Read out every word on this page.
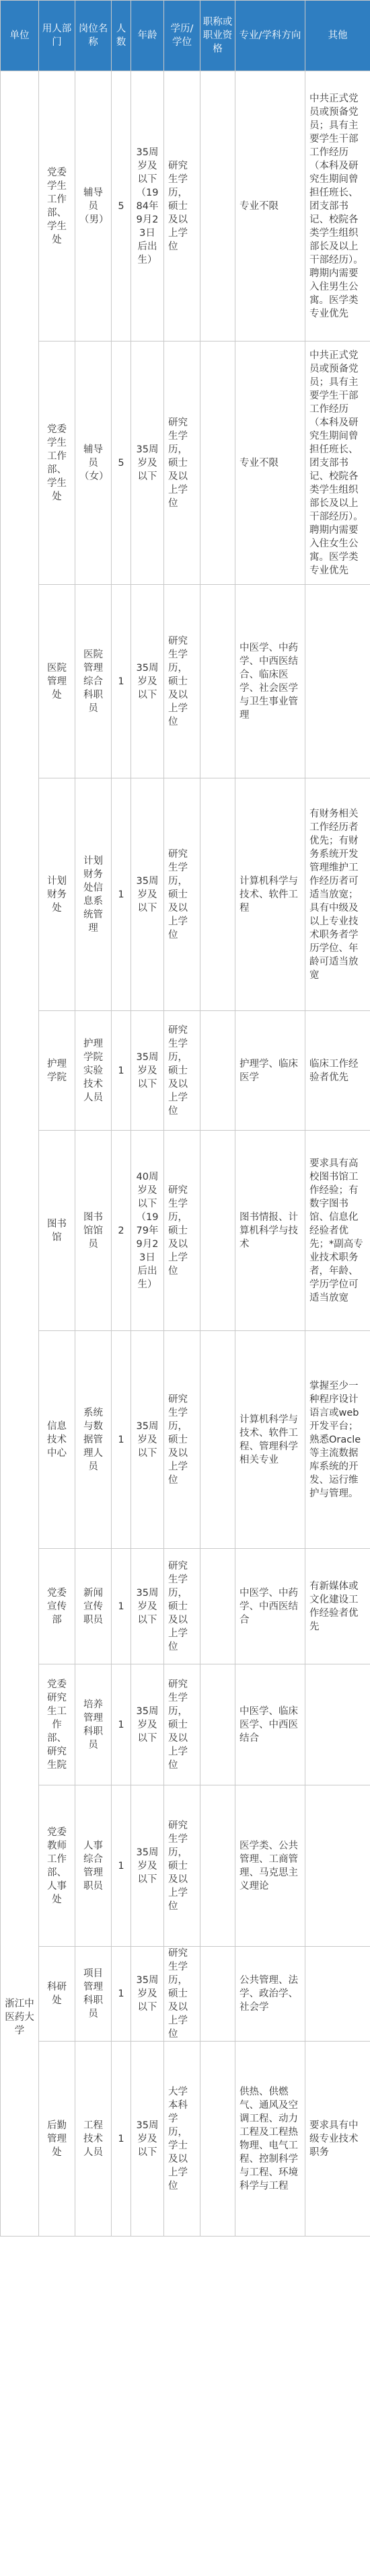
单位	用人部门	岗位名称	人数	年龄	学历/学位	职称或职业资格	专业/学科方向	其他
浙江中医药大学	党委学生工作部、学生处	辅导员（男）	5	35周岁及以下（1984年9月23日后出生）	研究生学历，硕士及以上学位		专业不限	中共正式党员或预备党员；具有主要学生干部工作经历（本科及研究生期间曾担任班长、团支部书记、校院各类学生组织部长及以上干部经历）。聘期内需要入住男生公寓。医学类专业优先
	党委学生工作部、学生处	辅导员（女）	5	35周岁及以下	研究生学历，硕士及以上学位		专业不限	中共正式党员或预备党员；具有主要学生干部工作经历（本科及研究生期间曾担任班长、团支部书记、校院各类学生组织部长及以上干部经历）。聘期内需要入住女生公寓。医学类专业优先
	医院管理处	医院管理综合科职员	1	35周岁及以下	研究生学历，硕士及以上学位		中医学、中药学、中西医结合、临床医学、社会医学与卫生事业管理	
	计划财务处	计划财务处信息系统管理	1	35周岁及以下	研究生学历，硕士及以上学位		计算机科学与技术、软件工程	有财务相关工作经历者优先；有财务系统开发管理维护工作经历者可适当放宽；具有中级及以上专业技术职务者学历学位、年龄可适当放宽
	护理学院	护理学院实验技术人员	1	35周岁及以下	研究生学历，硕士及以上学位		护理学、临床医学	临床工作经验者优先
	图书馆	图书馆馆员	2	40周岁及以下（1979年9月23日后出生）	研究生学历，硕士及以上学位		图书情报、计算机科学与技术	要求具有高校图书馆工作经验；有数字图书馆、信息化经验者优先；*副高专业技术职务者，年龄、学历学位可适当放宽
	信息技术中心	系统与数据管理人员	1	35周岁及以下	研究生学历，硕士及以上学位		计算机科学与技术、软件工程、管理科学相关专业	掌握至少一种程序设计语言或web开发平台；熟悉Oracle等主流数据库系统的开发、运行维护与管理。
	党委宣传部	新闻宣传职员	1	35周岁及以下	研究生学历，硕士及以上学位		中医学、中药学、中西医结合	有新媒体或文化建设工作经验者优先
	党委研究生工作部、研究生院	培养管理科职员	1	35周岁及以下	研究生学历，硕士及以上学位		中医学、临床医学、中西医结合	
	党委教师工作部、人事处	人事综合管理职员	1	35周岁及以下	研究生学历，硕士及以上学位		医学类、公共管理、工商管理、马克思主义理论	
	科研处	项目管理科职员	1	35周岁及以下	研究生学历，硕士及以上学位		公共管理、法学、政治学、社会学	
	后勤管理处	工程技术人员	1	35周岁及以下	大学本科学历，学士及以上学位		供热、供燃气、通风及空调工程、动力工程及工程热物理、电气工程、控制科学与工程、环境科学与工程	要求具有中级专业技术职务
